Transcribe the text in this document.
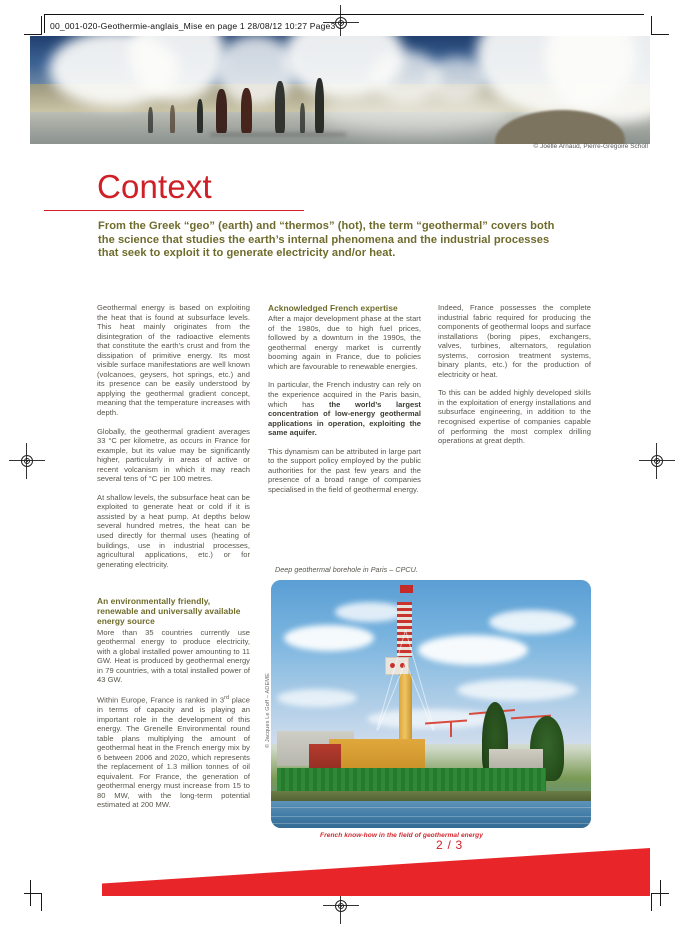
00_001-020-Geothermie-anglais_Mise en page 1 28/08/12 10:27 Page3
© Joëlle Arnaud, Pierre-Grégoire Scholl
Context
From the Greek “geo” (earth) and “thermos” (hot), the term “geothermal” covers both the science that studies the earth’s internal phenomena and the industrial processes that seek to exploit it to generate electricity and/or heat.

Geothermal energy is based on exploiting the heat that is found at subsurface levels. This heat mainly originates from the disintegration of the radioactive elements that constitute the earth’s crust and from the dissipation of primitive energy. Its most visible surface manifestations are well known (volcanoes, geysers, hot springs, etc.) and its presence can be easily understood by applying the geothermal gradient concept, meaning that the temperature increases with depth.

Globally, the geothermal gradient averages 33 °C per kilometre, as occurs in France for example, but its value may be significantly higher, particularly in areas of active or recent volcanism in which it may reach several tens of °C per 100 metres.

At shallow levels, the subsurface heat can be exploited to generate heat or cold if it is assisted by a heat pump. At depths below several hundred metres, the heat can be used directly for thermal uses (heating of buildings, use in industrial processes, agricultural applications, etc.) or for generating electricity.

An environmentally friendly, renewable and universally available energy source

More than 35 countries currently use geothermal energy to produce electricity, with a global installed power amounting to 11 GW. Heat is produced by geothermal energy in 79 countries, with a total installed power of 43 GW.

Within Europe, France is ranked in 3rd place in terms of capacity and is playing an important role in the development of this energy. The Grenelle Environmental round table plans multiplying the amount of geothermal heat in the French energy mix by 6 between 2006 and 2020, which represents the replacement of 1.3 million tonnes of oil equivalent. For France, the generation of geothermal energy must increase from 15 to 80 MW, with the long-term potential estimated at 200 MW.

Acknowledged French expertise

After a major development phase at the start of the 1980s, due to high fuel prices, followed by a downturn in the 1990s, the geothermal energy market is currently booming again in France, due to policies which are favourable to renewable energies.

In particular, the French industry can rely on the experience acquired in the Paris basin, which has the world’s largest concentration of low-energy geothermal applications in operation, exploiting the same aquifer.

This dynamism can be attributed in large part to the support policy employed by the public authorities for the past few years and the presence of a broad range of companies specialised in the field of geothermal energy.

Indeed, France possesses the complete industrial fabric required for producing the components of geothermal loops and surface installations (boring pipes, exchangers, valves, turbines, alternators, regulation systems, corrosion treatment systems, binary plants, etc.) for the production of electricity or heat.

To this can be added highly developed skills in the exploitation of energy installations and subsurface engineering, in addition to the recognised expertise of companies capable of performing the most complex drilling operations at great depth.

Deep geothermal borehole in Paris – CPCU.
© Jacques Le Goff – ADEME
French know-how in the field of geothermal energy
2 / 3
